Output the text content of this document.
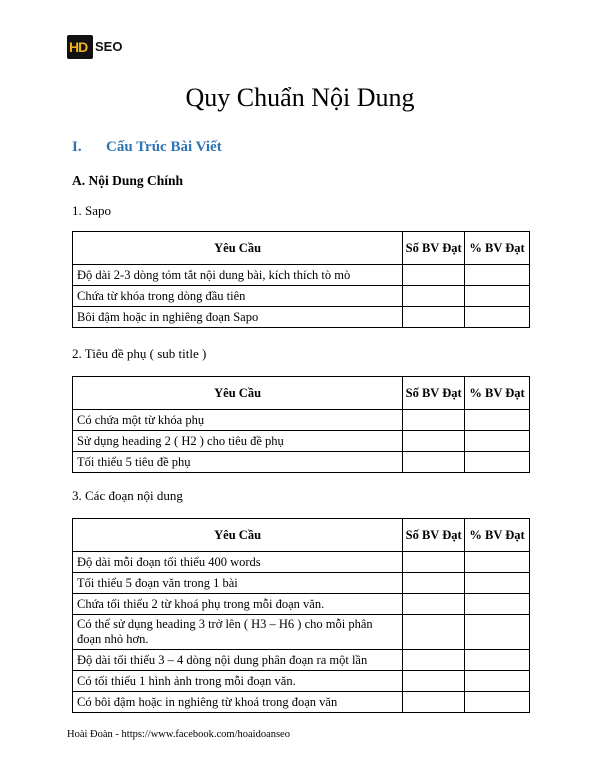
HD SEO
Quy Chuẩn Nội Dung
I. Cấu Trúc Bài Viết
A. Nội Dung Chính
1. Sapo
Yêu Cầu	Số BV Đạt	% BV Đạt
Độ dài 2-3 dòng tóm tắt nội dung bài, kích thích tò mò		
Chứa từ khóa trong dòng đầu tiên		
Bôi đậm hoặc in nghiêng đoạn Sapo		
2. Tiêu đề phụ ( sub title )
Yêu Cầu	Số BV Đạt	% BV Đạt
Có chứa một từ khóa phụ		
Sử dụng heading 2 ( H2 ) cho tiêu đề phụ		
Tối thiểu 5 tiêu đề phụ		
3. Các đoạn nội dung
Yêu Cầu	Số BV Đạt	% BV Đạt
Độ dài mỗi đoạn tối thiểu 400 words		
Tối thiểu 5 đoạn văn trong 1 bài		
Chứa tối thiểu 2 từ khoá phụ trong mỗi đoạn văn.		
Có thể sử dụng heading 3 trở lên ( H3 – H6 ) cho mỗi phân đoạn nhỏ hơn.		
Độ dài tối thiểu 3 – 4 dòng nội dung phân đoạn ra một lần		
Có tối thiểu 1 hình ảnh trong mỗi đoạn văn.		
Có bôi đậm hoặc in nghiêng từ khoá trong đoạn văn		
Hoài Đoàn - https://www.facebook.com/hoaidoanseo
